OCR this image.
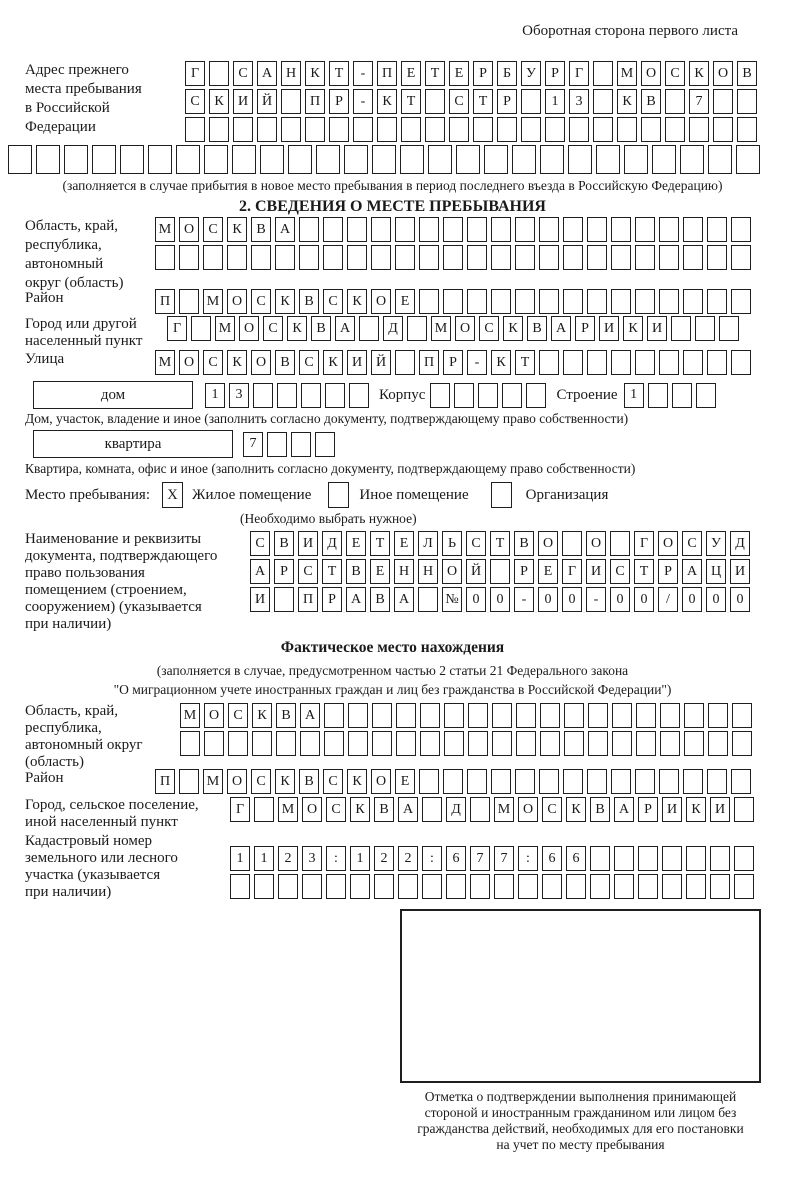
Оборотная сторона первого листа
Адрес прежнего
места пребывания
в Российской
Федерации
Г	С	А Н	К	Т	-	П	Е	Т	Е	Р	Б	У	Р	Г	М О	С	К	О	В
С	К	И Й	П	Р	-	К	Т	С	Т	Р	1	3	К	В	7
(заполняется в случае прибытия в новое место пребывания в период последнего въезда в Российскую Федерацию)
2. СВЕДЕНИЯ О МЕСТЕ ПРЕБЫВАНИЯ
Область, край,
республика,
автономный
округ (область)
М О	С	К	В	А
Район	П	М О	С	К	В	С	К	О	Е
Город или другой
населенный пункт
Г	М О	С	К	В	А	Д	М О	С	К	В	А	Р	И	К	И
Улица	М О	С	К	О	В	С	К	И Й	П	Р	-	К	Т
дом	1	3	Корпус	Строение 1
Дом, участок, владение и иное (заполнить согласно документу, подтверждающему право собственности)
квартира	7
Квартира, комната, офис и иное (заполнить согласно документу, подтверждающему право собственности)
Место пребывания:	X Жилое помещение	Иное помещение	Организация
(Необходимо выбрать нужное)
Наименование и реквизиты
документа, подтверждающего
право пользования
помещением (строением,
сооружением) (указывается
при наличии)
С	В	И	Д	Е	Т	Е	Л	Ь	С	Т	В	О	О	Г	О	С	У	Д
А	Р	С	Т	В	Е	Н Н О Й	Р	Е	Г	И	С	Т	Р	А Ц И
И	П	Р	А	В	А	№ 0	0	-	0	0	-	0	0	/	0	0	0
Фактическое место нахождения
(заполняется в случае, предусмотренном частью 2 статьи 21 Федерального закона
"О миграционном учете иностранных граждан и лиц без гражданства в Российской Федерации")
Область, край,
республика,
автономный округ
(область)
М О	С	К	В	А
Район	П	М О	С	К	В	С	К	О	Е
Город, сельское поселение,
иной населенный пункт
Г	М О	С	К	В	А	Д	М О	С	К	В	А	Р	И	К	И
Кадастровый номер
земельного или лесного
участка (указывается
при наличии)
1	1	2	3	:	1	2	2	:	6	7	7	:	6	6
Отметка о подтверждении выполнения принимающей
стороной и иностранным гражданином или лицом без
гражданства действий, необходимых для его постановки
на учет по месту пребывания
